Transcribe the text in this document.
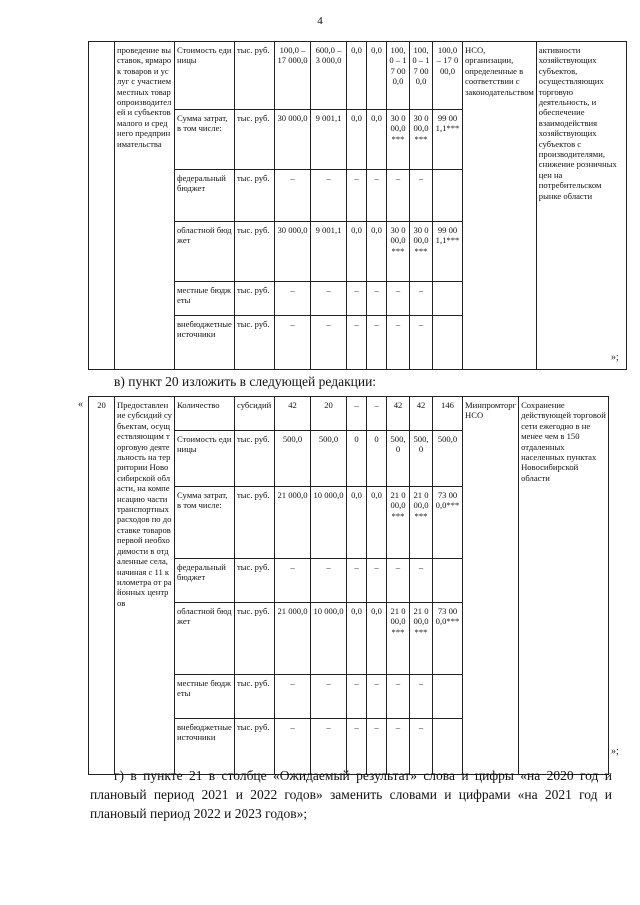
4
	проведение выставок, ярмарок товаров и услуг с участием местных товаропроизводителей и субъектов малого и среднего предпринимательства	Стоимость единицы	тыс. руб.	100,0 – 17 000,0	600,0 – 3 000,0	0,0	0,0	100,0 – 17 000,0	100,0 – 17 000,0	100,0 – 17 000,0	НСО, организации, определенные в соответствии с законодательством	активности хозяйствующих субъектов, осуществляющих торговую деятельность, и обеспечение взаимодействия хозяйствующих субъектов с производителями, снижение розничных цен на потребительском рынке области
		Сумма затрат, в том числе:	тыс. руб.	30 000,0	9 001,1	0,0	0,0	30 000,0***	30 000,0***	99 001,1***		
		федеральный бюджет	тыс. руб.	–	–	–	–	–	–			
		областной бюджет	тыс. руб.	30 000,0	9 001,1	0,0	0,0	30 000,0***	30 000,0***	99 001,1***		
		местные бюджеты	тыс. руб.	–	–	–	–	–	–			
		внебюджетные источники	тыс. руб.	–	–	–	–	–	–			
»;
в) пункт 20 изложить в следующей редакции:
« 20	Предоставление субсидий субъектам, осуществляющим торговую деятельность на территории Новосибирской области, на компенсацию части транспортных расходов по доставке товаров первой необходимости в отдаленные села, начиная с 11 километра от районных центров	Количество	субсидий	42	20	–	–	42	42	146	Минпромторг НСО	Сохранение действующей торговой сети ежегодно в не менее чем в 150 отдаленных населенных пунктах Новосибирской области
		Стоимость единицы	тыс. руб.	500,0	500,0	0	0	500,0	500,0	500,0		
		Сумма затрат, в том числе:	тыс. руб.	21 000,0	10 000,0	0,0	0,0	21 000,0***	21 000,0***	73 000,0***		
		федеральный бюджет	тыс. руб.	–	–	–	–	–	–			
		областной бюджет	тыс. руб.	21 000,0	10 000,0	0,0	0,0	21 000,0***	21 000,0***	73 000,0***		
		местные бюджеты	тыс. руб.	–	–	–	–	–	–			
		внебюджетные источники	тыс. руб.	–	–	–	–	–	–			
»;
г) в пункте 21 в столбце «Ожидаемый результат» слова и цифры «на 2020 год и плановый период 2021 и 2022 годов» заменить словами и цифрами «на 2021 год и плановый период 2022 и 2023 годов»;
